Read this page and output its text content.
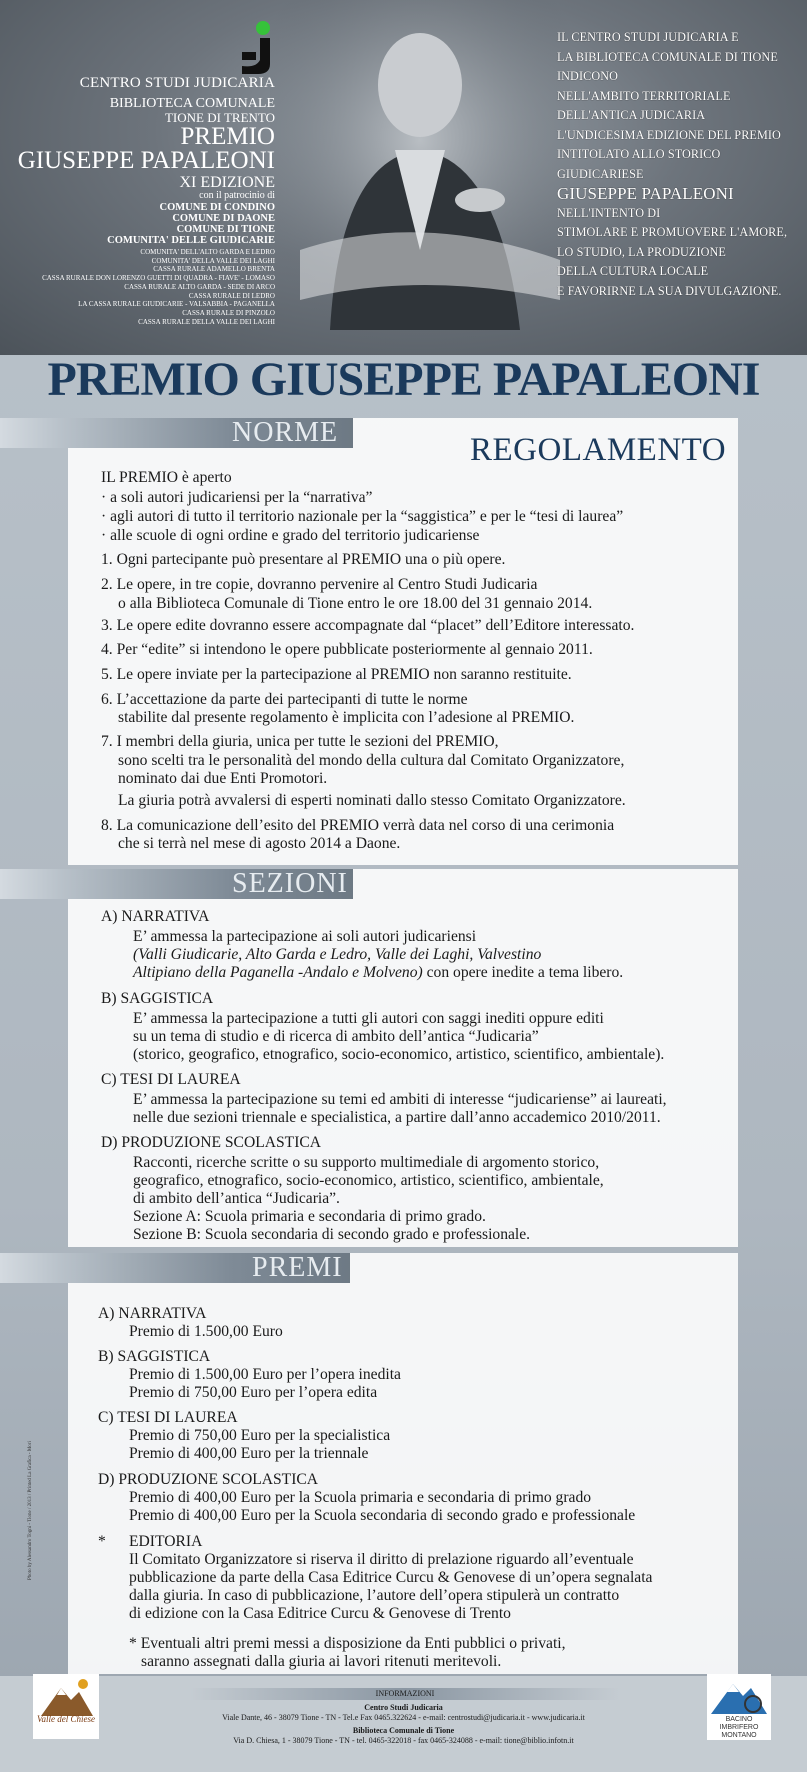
CENTRO STUDI JUDICARIA
BIBLIOTECA COMUNALE
TIONE DI TRENTO
PREMIO
GIUSEPPE PAPALEONI
XI EDIZIONE
con il patrocinio di
COMUNE DI CONDINO
COMUNE DI DAONE
COMUNE DI TIONE
COMUNITA' DELLE GIUDICARIE
COMUNITA' DELL'ALTO GARDA E LEDRO
COMUNITA' DELLA VALLE DEI LAGHI
CASSA RURALE ADAMELLO BRENTA
CASSA RURALE DON LORENZO GUETTI DI QUADRA - FIAVE' - LOMASO
CASSA RURALE ALTO GARDA - SEDE DI ARCO
CASSA RURALE DI LEDRO
LA CASSA RURALE GIUDICARIE - VALSABBIA - PAGANELLA
CASSA RURALE DI PINZOLO
CASSA RURALE DELLA VALLE DEI LAGHI
IL CENTRO STUDI JUDICARIA E
LA BIBLIOTECA COMUNALE DI TIONE
INDICONO
NELL'AMBITO TERRITORIALE
DELL'ANTICA JUDICARIA
L'UNDICESIMA EDIZIONE DEL PREMIO
INTITOLATO ALLO STORICO
GIUDICARIESE
GIUSEPPE PAPALEONI
NELL'INTENTO DI
STIMOLARE E PROMUOVERE L'AMORE,
LO STUDIO, LA PRODUZIONE
DELLA CULTURA LOCALE
E FAVORIRNE LA SUA DIVULGAZIONE.
PREMIO GIUSEPPE PAPALEONI
NORME	REGOLAMENTO
IL PREMIO è aperto
· a soli autori judicariensi per la “narrativa”
· agli autori di tutto il territorio nazionale per la “saggistica” e per le “tesi di laurea”
· alle scuole di ogni ordine e grado del territorio judicariense
1. Ogni partecipante può presentare al PREMIO una o più opere.
2. Le opere, in tre copie, dovranno pervenire al Centro Studi Judicaria
o alla Biblioteca Comunale di Tione entro le ore 18.00 del 31 gennaio 2014.
3. Le opere edite dovranno essere accompagnate dal “placet” dell’Editore interessato.
4. Per “edite” si intendono le opere pubblicate posteriormente al gennaio 2011.
5. Le opere inviate per la partecipazione al PREMIO non saranno restituite.
6. L’accettazione da parte dei partecipanti di tutte le norme
stabilite dal presente regolamento è implicita con l’adesione al PREMIO.
7. I membri della giuria, unica per tutte le sezioni del PREMIO,
sono scelti tra le personalità del mondo della cultura dal Comitato Organizzatore,
nominato dai due Enti Promotori.
La giuria potrà avvalersi di esperti nominati dallo stesso Comitato Organizzatore.
8. La comunicazione dell’esito del PREMIO verrà data nel corso di una cerimonia
che si terrà nel mese di agosto 2014 a Daone.
SEZIONI
A) NARRATIVA
E’ ammessa la partecipazione ai soli autori judicariensi
(Valli Giudicarie, Alto Garda e Ledro, Valle dei Laghi, Valvestino
Altipiano della Paganella -Andalo e Molveno) con opere inedite a tema libero.
B) SAGGISTICA
E’ ammessa la partecipazione a tutti gli autori con saggi inediti oppure editi
su un tema di studio e di ricerca di ambito dell’antica “Judicaria”
(storico, geografico, etnografico, socio-economico, artistico, scientifico, ambientale).
C) TESI DI LAUREA
E’ ammessa la partecipazione su temi ed ambiti di interesse “judicariense” ai laureati,
nelle due sezioni triennale e specialistica, a partire dall’anno accademico 2010/2011.
D) PRODUZIONE SCOLASTICA
Racconti, ricerche scritte o su supporto multimediale di argomento storico,
geografico, etnografico, socio-economico, artistico, scientifico, ambientale,
di ambito dell’antica “Judicaria”.
Sezione A: Scuola primaria e secondaria di primo grado.
Sezione B: Scuola secondaria di secondo grado e professionale.
PREMI
A) NARRATIVA
Premio di 1.500,00 Euro
B) SAGGISTICA
Premio di 1.500,00 Euro per l’opera inedita
Premio di 750,00 Euro per l’opera edita
C) TESI DI LAUREA
Premio di 750,00 Euro per la specialistica
Premio di 400,00 Euro per la triennale
D) PRODUZIONE SCOLASTICA
Premio di 400,00 Euro per la Scuola primaria e secondaria di primo grado
Premio di 400,00 Euro per la Scuola secondaria di secondo grado e professionale
* EDITORIA
Il Comitato Organizzatore si riserva il diritto di prelazione riguardo all’eventuale
pubblicazione da parte della Casa Editrice Curcu & Genovese di un’opera segnalata
dalla giuria. In caso di pubblicazione, l’autore dell’opera stipulerà un contratto
di edizione con la Casa Editrice Curcu & Genovese di Trento
* Eventuali altri premi messi a disposizione da Enti pubblici o privati,
saranno assegnati dalla giuria ai lavori ritenuti meritevoli.
Photo by Alessandro Togni - Tione / 2013 / Printed La Grafica - Mori
Valle del Chiese	BACINO IMBRIFERO MONTANO
INFORMAZIONI
Centro Studi Judicaria
Viale Dante, 46 - 38079 Tione - TN - Tel.e Fax 0465.322624 - e-mail: centrostudi@judicaria.it - www.judicaria.it
Biblioteca Comunale di Tione
Via D. Chiesa, 1 - 38079 Tione - TN - tel. 0465-322018 - fax 0465-324088 - e-mail: tione@biblio.infotn.it
